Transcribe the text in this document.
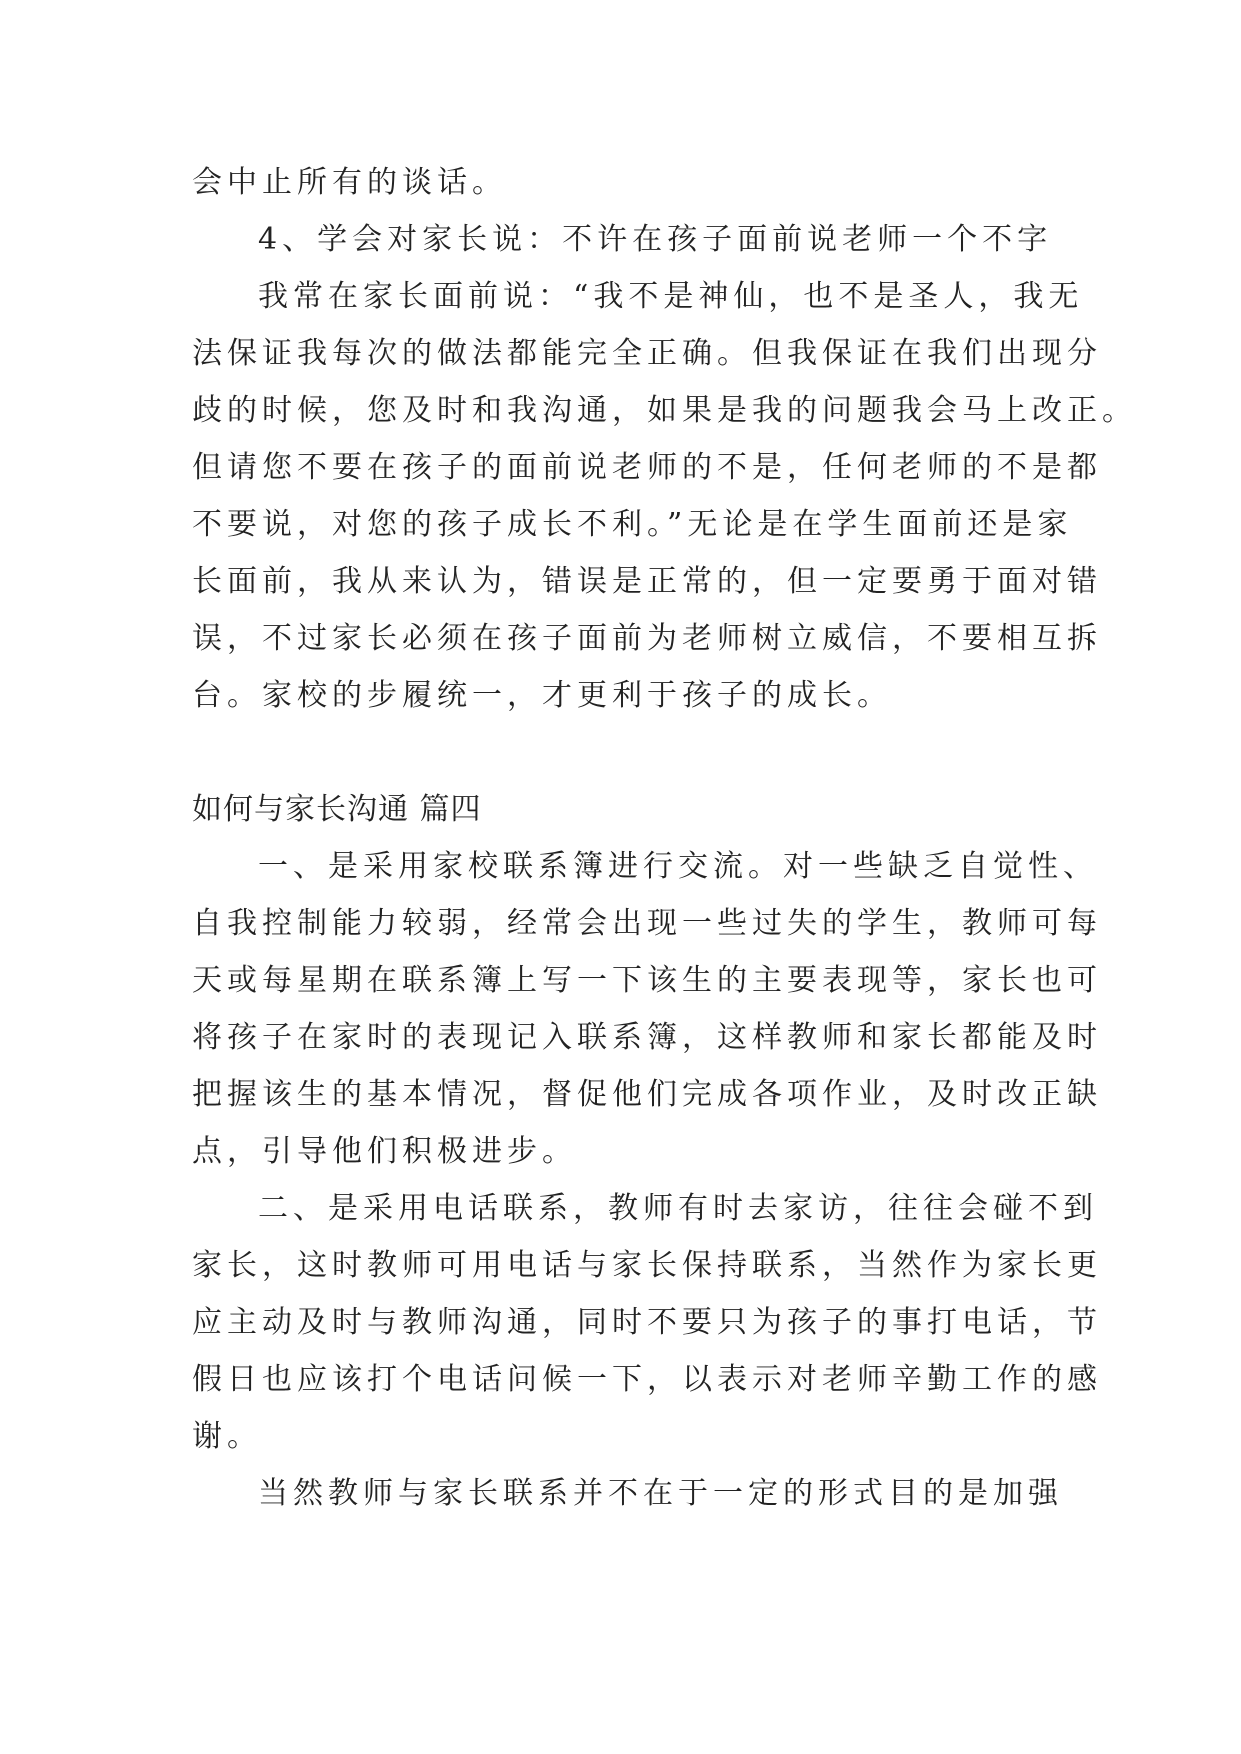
会中止所有的谈话。
4、学会对家长说：不许在孩子面前说老师一个不字
我常在家长面前说：“我不是神仙，也不是圣人，我无
法保证我每次的做法都能完全正确。但我保证在我们出现分
歧的时候，您及时和我沟通，如果是我的问题我会马上改正。
但请您不要在孩子的面前说老师的不是，任何老师的不是都
不要说，对您的孩子成长不利。”无论是在学生面前还是家
长面前，我从来认为，错误是正常的，但一定要勇于面对错
误，不过家长必须在孩子面前为老师树立威信，不要相互拆
台。家校的步履统一，才更利于孩子的成长。
如何与家长沟通 篇四
一、是采用家校联系簿进行交流。对一些缺乏自觉性、
自我控制能力较弱，经常会出现一些过失的学生，教师可每
天或每星期在联系簿上写一下该生的主要表现等，家长也可
将孩子在家时的表现记入联系簿，这样教师和家长都能及时
把握该生的基本情况，督促他们完成各项作业，及时改正缺
点，引导他们积极进步。
二、是采用电话联系，教师有时去家访，往往会碰不到
家长，这时教师可用电话与家长保持联系，当然作为家长更
应主动及时与教师沟通，同时不要只为孩子的事打电话，节
假日也应该打个电话问候一下，以表示对老师辛勤工作的感
谢。
当然教师与家长联系并不在于一定的形式目的是加强
